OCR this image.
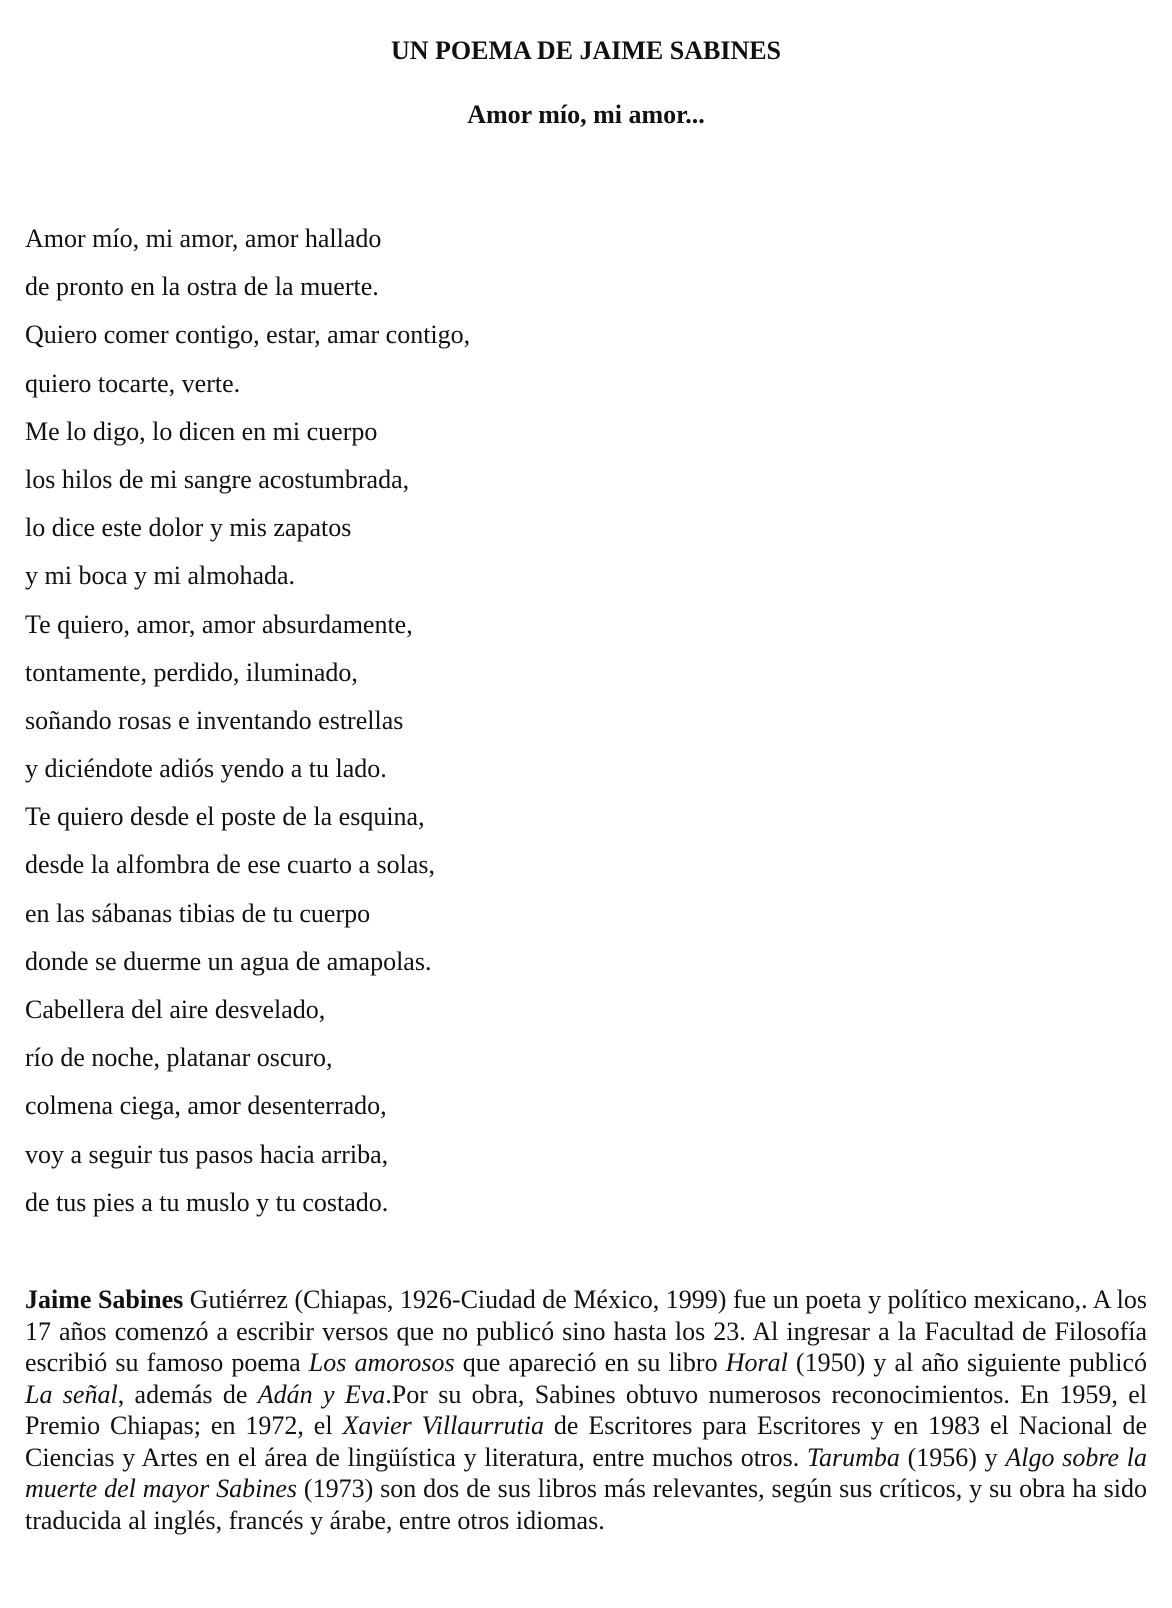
UN POEMA DE JAIME SABINES
Amor mío, mi amor...
Amor mío, mi amor, amor hallado
de pronto en la ostra de la muerte.
Quiero comer contigo, estar, amar contigo,
quiero tocarte, verte.
Me lo digo, lo dicen en mi cuerpo
los hilos de mi sangre acostumbrada,
lo dice este dolor y mis zapatos
y mi boca y mi almohada.
Te quiero, amor, amor absurdamente,
tontamente, perdido, iluminado,
soñando rosas e inventando estrellas
y diciéndote adiós yendo a tu lado.
Te quiero desde el poste de la esquina,
desde la alfombra de ese cuarto a solas,
en las sábanas tibias de tu cuerpo
donde se duerme un agua de amapolas.
Cabellera del aire desvelado,
río de noche, platanar oscuro,
colmena ciega, amor desenterrado,
voy a seguir tus pasos hacia arriba,
de tus pies a tu muslo y tu costado.

Jaime Sabines Gutiérrez (Chiapas, 1926-Ciudad de México, 1999) fue un poeta y político mexicano,. A los 17 años comenzó a escribir versos que no publicó sino hasta los 23. Al ingresar a la Facultad de Filosofía escribió su famoso poema Los amorosos que apareció en su libro Horal (1950) y al año siguiente publicó La señal, además de Adán y Eva.Por su obra, Sabines obtuvo numerosos reconocimientos. En 1959, el Premio Chiapas; en 1972, el Xavier Villaurrutia de Escritores para Escritores y en 1983 el Nacional de Ciencias y Artes en el área de lingüística y literatura, entre muchos otros. Tarumba (1956) y Algo sobre la muerte del mayor Sabines (1973) son dos de sus libros más relevantes, según sus críticos, y su obra ha sido traducida al inglés, francés y árabe, entre otros idiomas.
